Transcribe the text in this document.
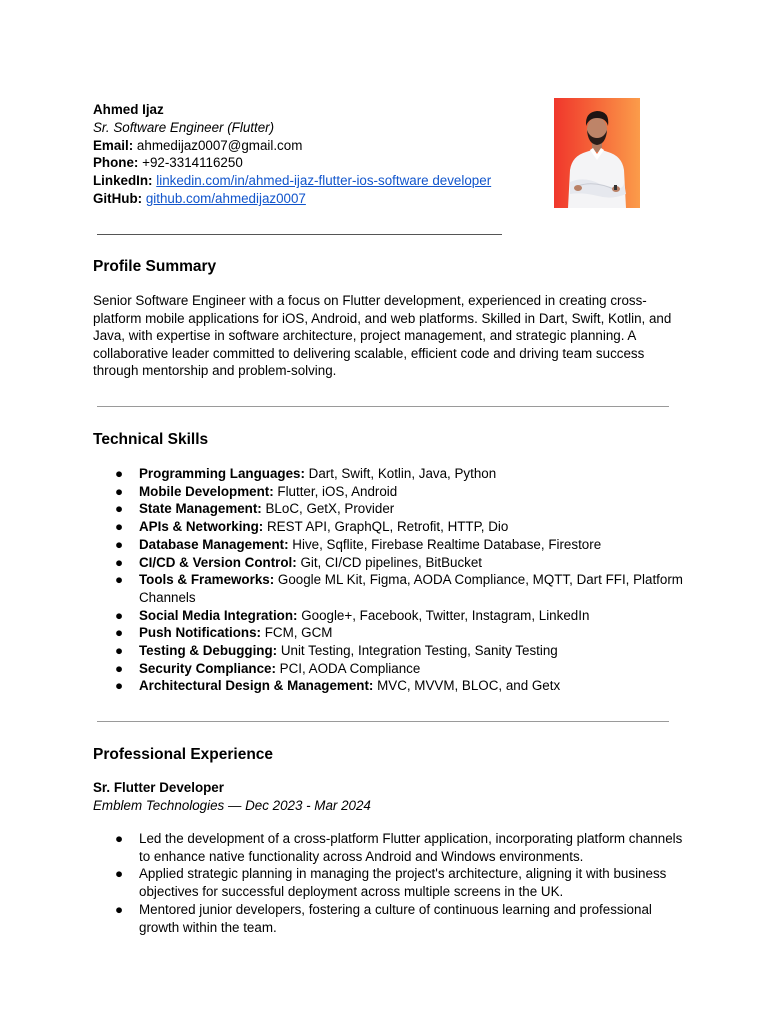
Ahmed Ijaz
Sr. Software Engineer (Flutter)
Email: ahmedijaz0007@gmail.com
Phone: +92-3314116250
LinkedIn: linkedin.com/in/ahmed-ijaz-flutter-ios-software developer
GitHub: github.com/ahmedijaz0007
Profile Summary
Senior Software Engineer with a focus on Flutter development, experienced in creating cross-platform mobile applications for iOS, Android, and web platforms. Skilled in Dart, Swift, Kotlin, and Java, with expertise in software architecture, project management, and strategic planning. A collaborative leader committed to delivering scalable, efficient code and driving team success through mentorship and problem-solving.
Technical Skills
● Programming Languages: Dart, Swift, Kotlin, Java, Python
● Mobile Development: Flutter, iOS, Android
● State Management: BLoC, GetX, Provider
● APIs & Networking: REST API, GraphQL, Retrofit, HTTP, Dio
● Database Management: Hive, Sqflite, Firebase Realtime Database, Firestore
● CI/CD & Version Control: Git, CI/CD pipelines, BitBucket
● Tools & Frameworks: Google ML Kit, Figma, AODA Compliance, MQTT, Dart FFI, Platform Channels
● Social Media Integration: Google+, Facebook, Twitter, Instagram, LinkedIn
● Push Notifications: FCM, GCM
● Testing & Debugging: Unit Testing, Integration Testing, Sanity Testing
● Security Compliance: PCI, AODA Compliance
● Architectural Design & Management: MVC, MVVM, BLOC, and Getx
Professional Experience
Sr. Flutter Developer
Emblem Technologies — Dec 2023 - Mar 2024
● Led the development of a cross-platform Flutter application, incorporating platform channels to enhance native functionality across Android and Windows environments.
● Applied strategic planning in managing the project's architecture, aligning it with business objectives for successful deployment across multiple screens in the UK.
● Mentored junior developers, fostering a culture of continuous learning and professional growth within the team.
